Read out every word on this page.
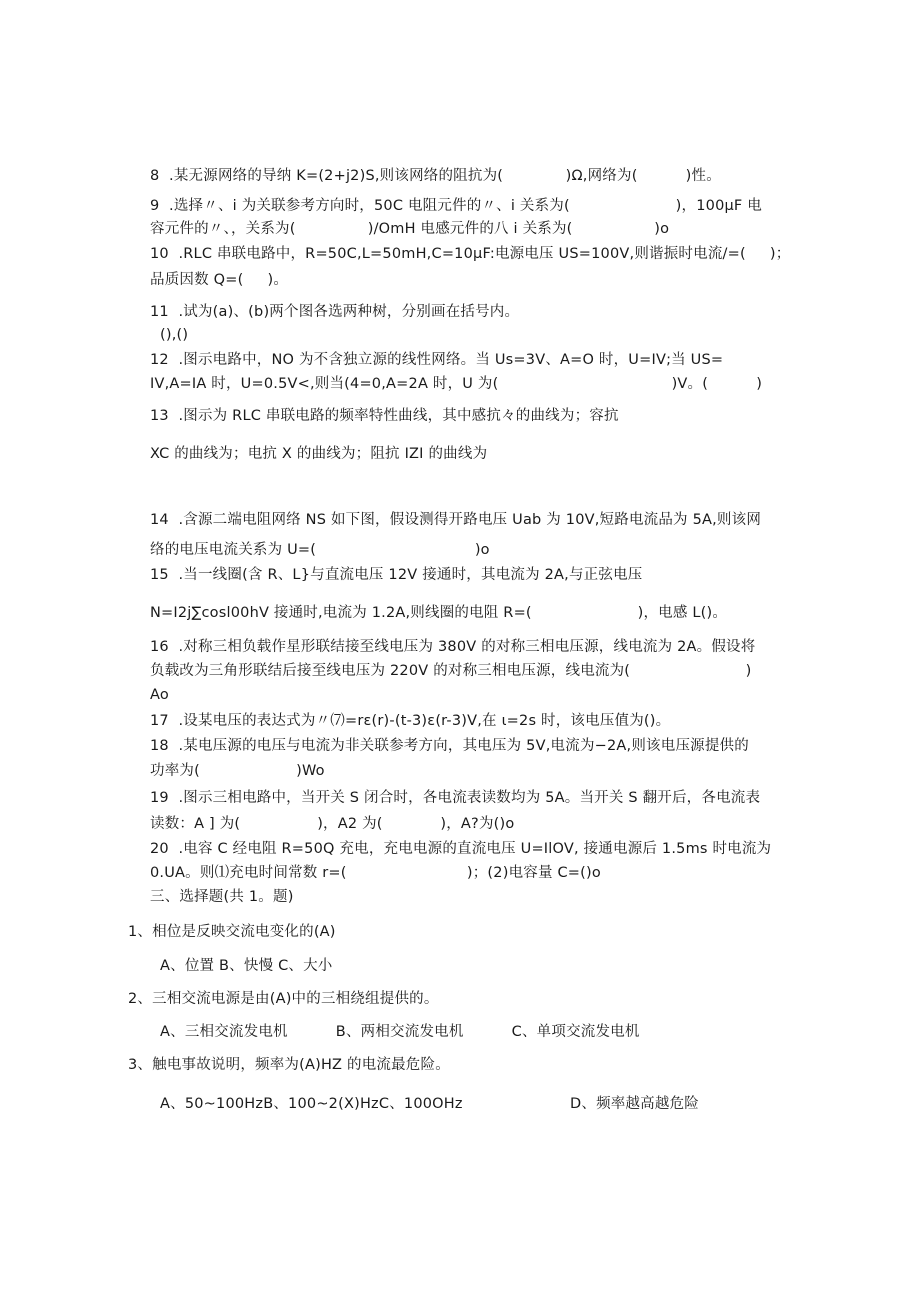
8  .某无源网络的导纳 K=(2+j2)S,则该网络的阻抗为(             )Ω,网络为(          )性。
9  .选择〃、i 为关联参考方向时，50C 电阻元件的〃、i 关系为(                      )，100μF 电
容元件的〃、，关系为(               )/OmH 电感元件的八 i 关系为(                 )o
10  .RLC 串联电路中，R=50C,L=50mH,C=10μF:电源电压 US=100V,则谐振时电流/=(     )；
品质因数 Q=(     )。
11  .试为(a)、(b)两个图各选两种树，分别画在括号内。
(),()
12  .图示电路中，NO 为不含独立源的线性网络。当 Us=3V、A=O 时，U=IV;当 US=
IV,A=IA 时，U=0.5V<,则当(4=0,A=2A 时，U 为(                                    )V。(          )
13  .图示为 RLC 串联电路的频率特性曲线，其中感抗々的曲线为；容抗
XC 的曲线为；电抗 X 的曲线为；阻抗 IZI 的曲线为
14  .含源二端电阻网络 NS 如下图，假设测得开路电压 Uab 为 10V,短路电流品为 5A,则该网
络的电压电流关系为 U=(                                 )o
15  .当一线圈(含 R、L}与直流电压 12V 接通时，其电流为 2A,与正弦电压
N=I2j∑cosl00hV 接通时,电流为 1.2A,则线圈的电阻 R=(                      )，电感 L()。
16  .对称三相负载作星形联结接至线电压为 380V 的对称三相电压源，线电流为 2A。假设将
负载改为三角形联结后接至线电压为 220V 的对称三相电压源，线电流为(                        )
Ao
17  .设某电压的表达式为〃⑺=rε(r)-(t-3)ε(r-3)V,在 ι=2s 时，该电压值为()。
18  .某电压源的电压与电流为非关联参考方向，其电压为 5V,电流为−2A,则该电压源提供的
功率为(                    )Wo
19  .图示三相电路中，当开关 S 闭合时，各电流表读数均为 5A。当开关 S 翻开后，各电流表
读数：A ] 为(                )，A2 为(            )，A?为()o
20  .电容 C 经电阻 R=50Q 充电，充电电源的直流电压 U=IlOV, 接通电源后 1.5ms 时电流为
0.UA。则⑴充电时间常数 r=(                         )；(2)电容量 C=()o
三、选择题(共 1。题)
1、相位是反映交流电变化的(A)
A、位置 B、快慢 C、大小
2、三相交流电源是由(A)中的三相绕组提供的。
A、三相交流发电机          B、两相交流发电机          C、单项交流发电机
3、触电事故说明，频率为(A)HZ 的电流最危险。
A、50~100HzB、100~2(X)HzC、100OHz	D、频率越高越危险
